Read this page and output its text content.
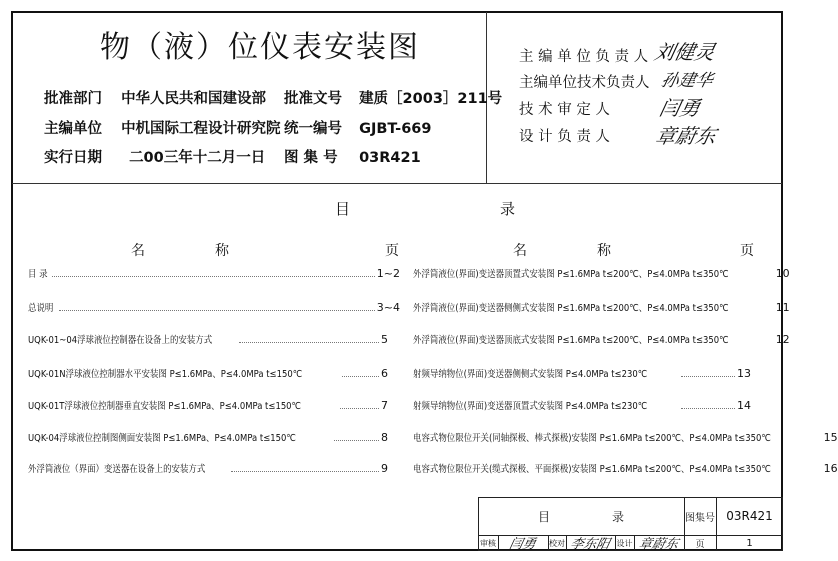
物（液）位仪表安装图
批准部门 中华人民共和国建设部
主编单位 中机国际工程设计研究院
实行日期 二00三年十二月一日
批准文号 建质［2003］211号
统一编号 GJBT-669
图 集 号 03R421
主 编 单 位 负 责 人 刘健灵
主编单位技术负责人 孙建华
技 术 审 定 人 闫勇
设 计 负 责 人 章蔚东
目	录
名　　　　　称	页	名　　　　　称	页
目 录	1~2
总说明	3~4
UQK-01~04浮球液位控制器在设备上的安装方式	5
UQK-01N浮球液位控制器水平安装图 P≤1.6MPa、P≤4.0MPa t≤150℃	6
UQK-01T浮球液位控制器垂直安装图 P≤1.6MPa、P≤4.0MPa t≤150℃	7
UQK-04浮球液位控制图侧面安装图 P≤1.6MPa、P≤4.0MPa t≤150℃	8
外浮筒液位（界面）变送器在设备上的安装方式	9
外浮筒液位(界面)变送器顶置式安装图 P≤1.6MPa t≤200℃、P≤4.0MPa t≤350℃	10
外浮筒液位(界面)变送器侧侧式安装图 P≤1.6MPa t≤200℃、P≤4.0MPa t≤350℃	11
外浮筒液位(界面)变送器顶底式安装图 P≤1.6MPa t≤200℃、P≤4.0MPa t≤350℃	12
射频导纳物位(界面)变送器侧侧式安装图 P≤4.0MPa t≤230℃	13
射频导纳物位(界面)变送器顶置式安装图 P≤4.0MPa t≤230℃	14
电容式物位限位开关(同轴探极、棒式探极)安装图 P≤1.6MPa t≤200℃、P≤4.0MPa t≤350℃	15
电容式物位限位开关(缆式探极、平面探极)安装图 P≤1.6MPa t≤200℃、P≤4.0MPa t≤350℃	16
目	录	图集号 03R421
审核 闫勇	校对 李东阳 设计 章蔚东	页	1
